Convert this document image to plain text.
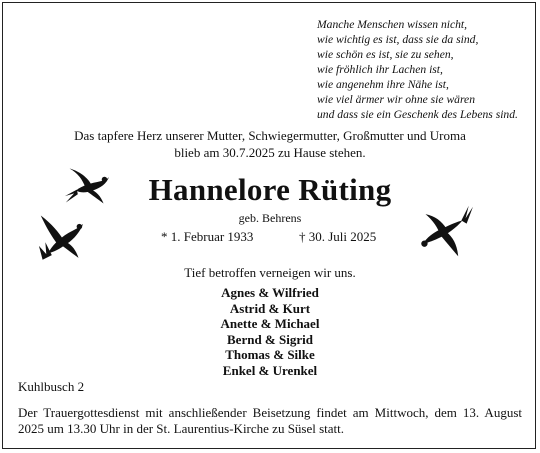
Manche Menschen wissen nicht,
wie wichtig es ist, dass sie da sind,
wie schön es ist, sie zu sehen,
wie fröhlich ihr Lachen ist,
wie angenehm ihre Nähe ist,
wie viel ärmer wir ohne sie wären
und dass sie ein Geschenk des Lebens sind.
Das tapfere Herz unserer Mutter, Schwiegermutter, Großmutter und Uroma
blieb am 30.7.2025 zu Hause stehen.
Hannelore Rüting
geb. Behrens
* 1. Februar 1933	† 30. Juli 2025
Tief betroffen verneigen wir uns.
Agnes & Wilfried
Astrid & Kurt
Anette & Michael
Bernd & Sigrid
Thomas & Silke
Enkel & Urenkel
Kuhlbusch 2
Der Trauergottesdienst mit anschließender Beisetzung findet am Mittwoch, dem 13. August 2025 um 13.30 Uhr in der St. Laurentius-Kirche zu Süsel statt.
